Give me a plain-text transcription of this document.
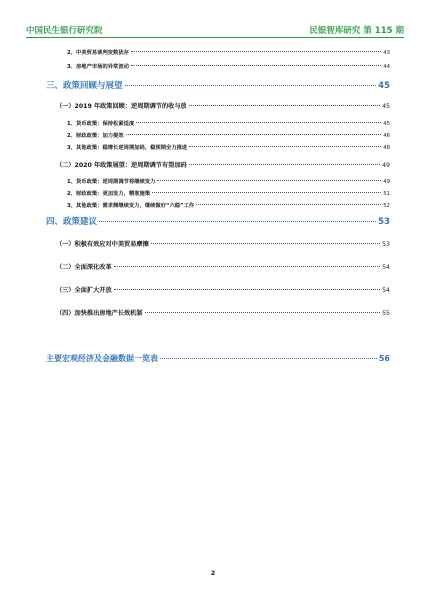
中国民生银行研究院	民银智库研究 第 115 期
2、中美贸易谈判变数犹存	43
3、房地产市场的异常波动	44
三、政策回顾与展望	45
（一）2019 年政策回顾：逆周期调节的收与放	45
1、货币政策：保持松紧适度	45
2、财政政策：加力提效	46
3、其他政策：稳增长逆周期加码，稳预期全力推进	48
（二）2020 年政策展望：逆周期调节有望加码	49
1、货币政策：逆周期调节将继续发力	49
2、财政政策：更加发力，精准施策	51
3、其他政策：需求侧继续发力，继续做好“六稳”工作	52
四、政策建议	53
（一）积极有效应对中美贸易摩擦	53
（二）全面深化改革	54
（三）全面扩大开放	54
（四）加快推出房地产长效机制	55
主要宏观经济及金融数据一览表	56
2
